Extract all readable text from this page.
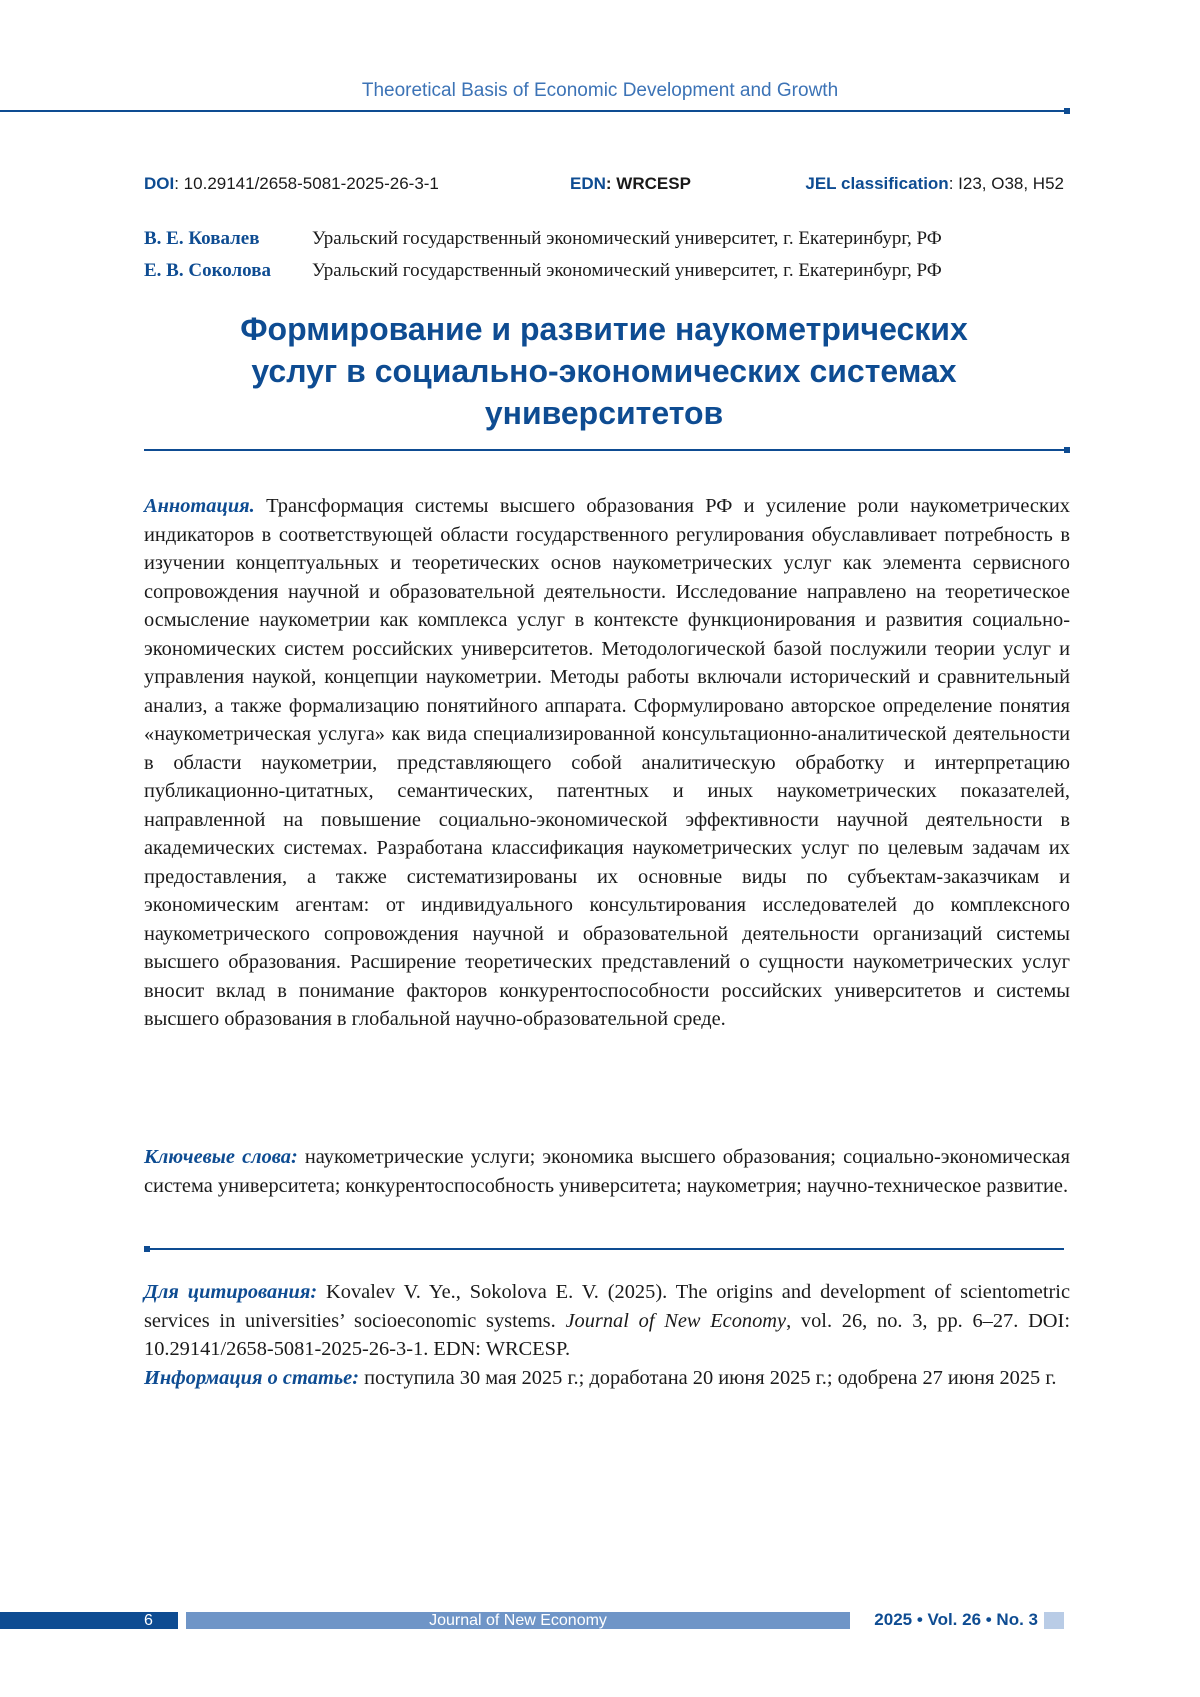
Theoretical Basis of Economic Development and Growth
DOI: 10.29141/2658-5081-2025-26-3-1	EDN: WRCESP	JEL classification: I23, O38, H52
В. Е. Ковалев	Уральский государственный экономический университет, г. Екатеринбург, РФ
Е. В. Соколова Уральский государственный экономический университет, г. Екатеринбург, РФ
Формирование и развитие наукометрических
услуг в социально-экономических системах
университетов
Аннотация. Трансформация системы высшего образования РФ и усиление роли наукометрических индикаторов в соответствующей области государственного регулирования обуславливает потребность в изучении концептуальных и теоретических основ наукометрических услуг как элемента сервисного сопровождения научной и образовательной деятельности. Исследование направлено на теоретическое осмысление наукометрии как комплекса услуг в контексте функционирования и развития социально-экономических систем российских университетов. Методологической базой послужили теории услуг и управления наукой, концепции наукометрии. Методы работы включали исторический и сравнительный анализ, а также формализацию понятийного аппарата. Сформулировано авторское определение понятия «наукометрическая услуга» как вида специализированной консультационно-аналитической деятельности в области наукометрии, представляющего собой аналитическую обработку и интерпретацию публикационно-цитатных, семантических, патентных и иных наукометрических показателей, направленной на повышение социально-экономической эффективности научной деятельности в академических системах. Разработана классификация наукометрических услуг по целевым задачам их предоставления, а также систематизированы их основные виды по субъектам-заказчикам и экономическим агентам: от индивидуального консультирования исследователей до комплексного наукометрического сопровождения научной и образовательной деятельности организаций системы высшего образования. Расширение теоретических представлений о сущности наукометрических услуг вносит вклад в понимание факторов конкурентоспособности российских университетов и системы высшего образования в глобальной научно-образовательной среде.
Ключевые слова: наукометрические услуги; экономика высшего образования; социально-экономическая система университета; конкурентоспособность университета; наукометрия; научно-техническое развитие.
Для цитирования: Kovalev V. Ye., Sokolova E. V. (2025). The origins and development of scientometric services in universities’ socioeconomic systems. Journal of New Economy, vol. 26, no. 3, pp. 6–27. DOI: 10.29141/2658-5081-2025-26-3-1. EDN: WRCESP.
Информация о статье: поступила 30 мая 2025 г.; доработана 20 июня 2025 г.; одобрена 27 июня 2025 г.
6	Journal of New Economy	2025 • Vol. 26 • No. 3
